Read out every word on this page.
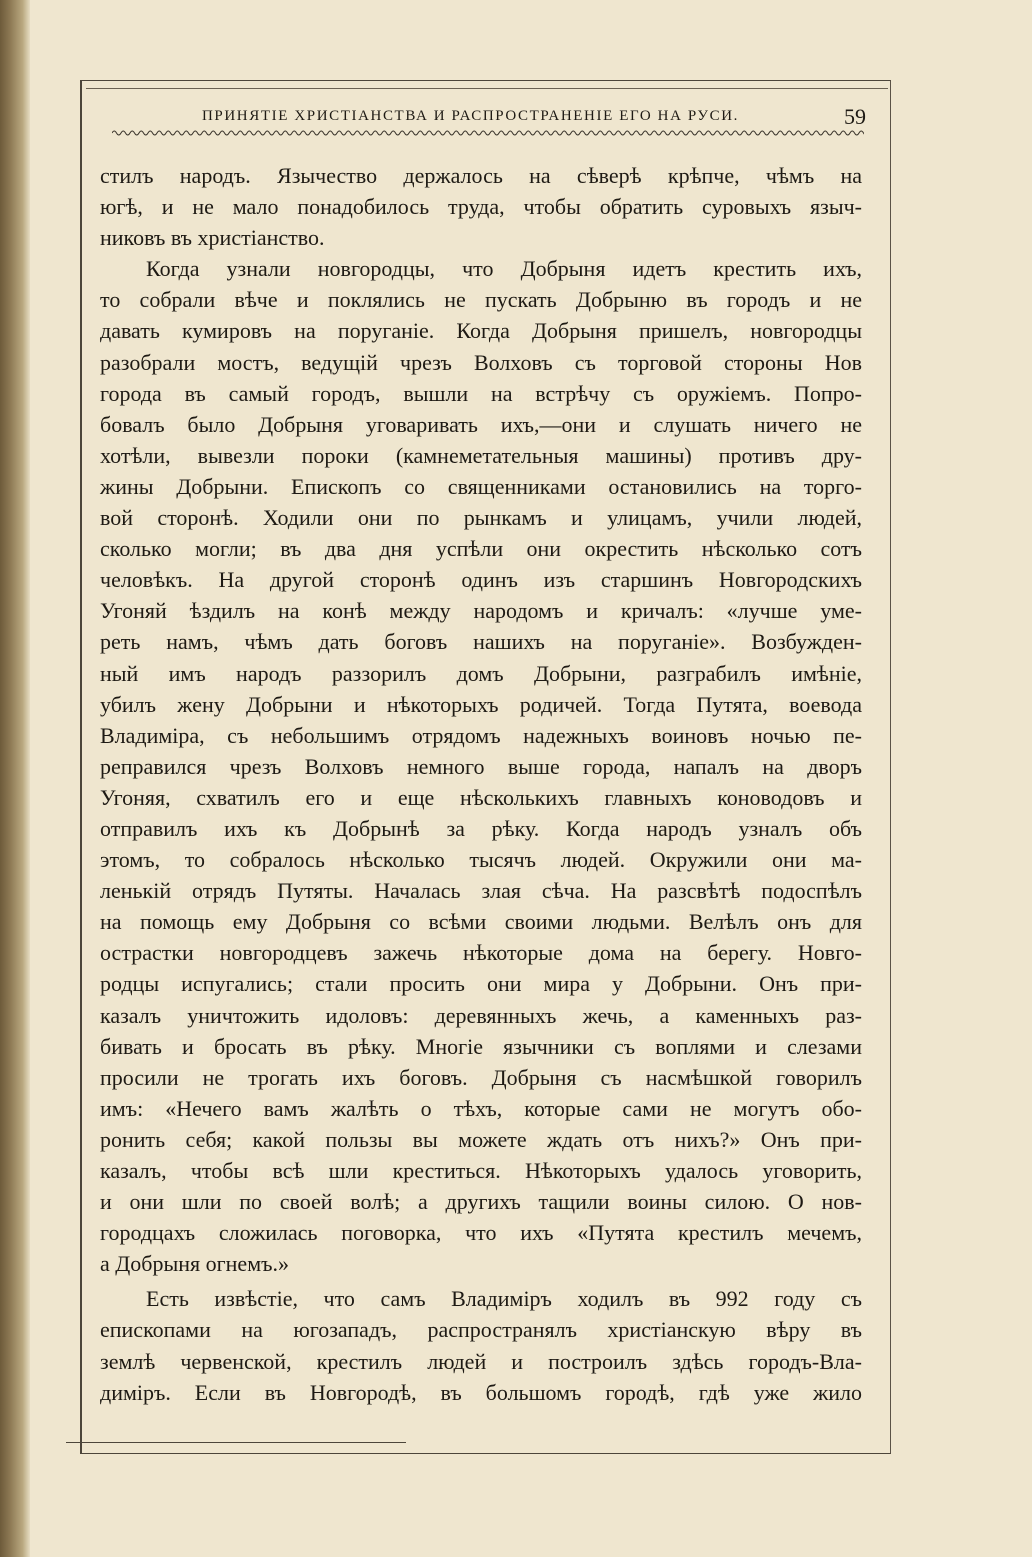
ПРИНЯТІЕ ХРИСТІАНСТВА И РАСПРОСТРАНЕНІЕ ЕГО НА РУСИ.	59
стилъ народъ. Язычество держалось на сѣверѣ крѣпче, чѣмъ на
югѣ, и не мало понадобилось труда, чтобы обратить суровыхъ языч-
никовъ въ христіанство.
Когда узнали новгородцы, что Добрыня идетъ крестить ихъ,
то собрали вѣче и поклялись не пускать Добрыню въ городъ и не
давать кумировъ на поруганіе. Когда Добрыня пришелъ, новгородцы
разобрали мостъ, ведущій чрезъ Волховъ съ торговой стороны Нов
города въ самый городъ, вышли на встрѣчу съ оружіемъ. Попро-
бовалъ было Добрыня уговаривать ихъ,—они и слушать ничего не
хотѣли, вывезли пороки (камнеметательныя машины) противъ дру-
жины Добрыни. Епископъ со священниками остановились на торго-
вой сторонѣ. Ходили они по рынкамъ и улицамъ, учили людей,
сколько могли; въ два дня успѣли они окрестить нѣсколько сотъ
человѣкъ. На другой сторонѣ одинъ изъ старшинъ Новгородскихъ
Угоняй ѣздилъ на конѣ между народомъ и кричалъ: «лучше уме-
реть намъ, чѣмъ дать боговъ нашихъ на поруганіе». Возбужден-
ный имъ народъ раззорилъ домъ Добрыни, разграбилъ имѣніе,
убилъ жену Добрыни и нѣкоторыхъ родичей. Тогда Путята, воевода
Владиміра, съ небольшимъ отрядомъ надежныхъ воиновъ ночью пе-
реправился чрезъ Волховъ немного выше города, напалъ на дворъ
Угоняя, схватилъ его и еще нѣсколькихъ главныхъ коноводовъ и
отправилъ ихъ къ Добрынѣ за рѣку. Когда народъ узналъ объ
этомъ, то собралось нѣсколько тысячъ людей. Окружили они ма-
ленькій отрядъ Путяты. Началась злая сѣча. На разсвѣтѣ подоспѣлъ
на помощь ему Добрыня со всѣми своими людьми. Велѣлъ онъ для
острастки новгородцевъ зажечь нѣкоторые дома на берегу. Новго-
родцы испугались; стали просить они мира у Добрыни. Онъ при-
казалъ уничтожить идоловъ: деревянныхъ жечь, а каменныхъ раз-
бивать и бросать въ рѣку. Многіе язычники съ воплями и слезами
просили не трогать ихъ боговъ. Добрыня съ насмѣшкой говорилъ
имъ: «Нечего вамъ жалѣть о тѣхъ, которые сами не могутъ обо-
ронить себя; какой пользы вы можете ждать отъ нихъ?» Онъ при-
казалъ, чтобы всѣ шли креститься. Нѣкоторыхъ удалось уговорить,
и они шли по своей волѣ; а другихъ тащили воины силою. О нов-
городцахъ сложилась поговорка, что ихъ «Путята крестилъ мечемъ,
а Добрыня огнемъ.»
Есть извѣстіе, что самъ Владиміръ ходилъ въ 992 году съ
епископами на югозападъ, распространялъ христіанскую вѣру въ
землѣ червенской, крестилъ людей и построилъ здѣсь городъ-Вла-
диміръ. Если въ Новгородѣ, въ большомъ городѣ, гдѣ уже жило
